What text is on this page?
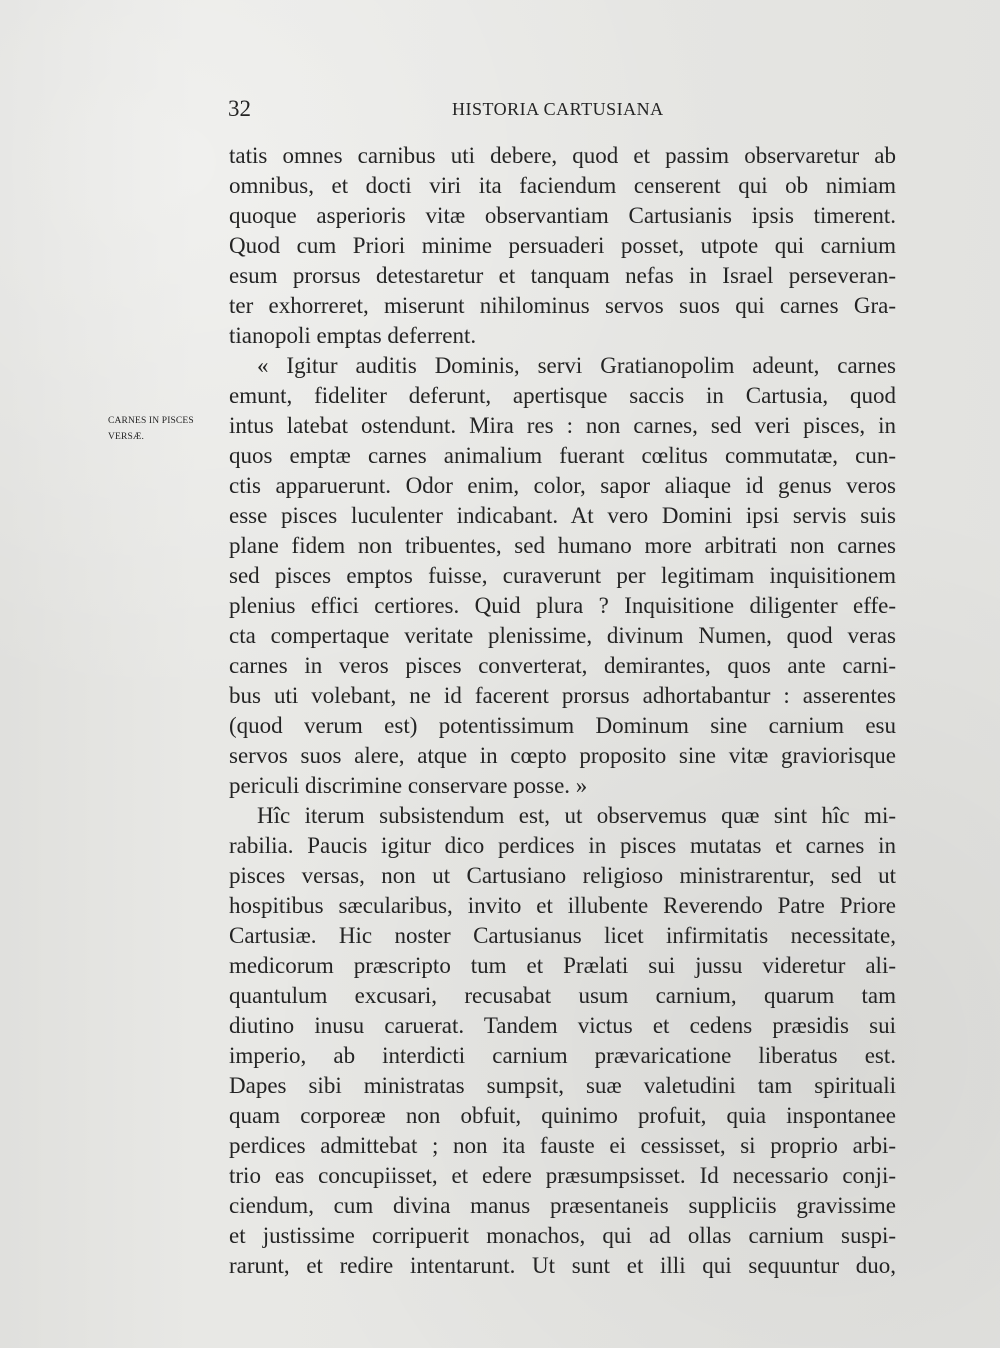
32	HISTORIA CARTUSIANA
CARNES IN PISCES
VERSÆ.
tatis omnes carnibus uti debere, quod et passim observaretur ab
omnibus, et docti viri ita faciendum censerent qui ob nimiam
quoque asperioris vitæ observantiam Cartusianis ipsis timerent.
Quod cum Priori minime persuaderi posset, utpote qui carnium
esum prorsus detestaretur et tanquam nefas in Israel perseveran-
ter exhorreret, miserunt nihilominus servos suos qui carnes Gra-
tianopoli emptas deferrent.
« Igitur auditis Dominis, servi Gratianopolim adeunt, carnes
emunt, fideliter deferunt, apertisque saccis in Cartusia, quod
intus latebat ostendunt. Mira res : non carnes, sed veri pisces, in
quos emptæ carnes animalium fuerant cœlitus commutatæ, cun-
ctis apparuerunt. Odor enim, color, sapor aliaque id genus veros
esse pisces luculenter indicabant. At vero Domini ipsi servis suis
plane fidem non tribuentes, sed humano more arbitrati non carnes
sed pisces emptos fuisse, curaverunt per legitimam inquisitionem
plenius effici certiores. Quid plura ? Inquisitione diligenter effe-
cta compertaque veritate plenissime, divinum Numen, quod veras
carnes in veros pisces converterat, demirantes, quos ante carni-
bus uti volebant, ne id facerent prorsus adhortabantur : asserentes
(quod verum est) potentissimum Dominum sine carnium esu
servos suos alere, atque in cœpto proposito sine vitæ graviorisque
periculi discrimine conservare posse. »
Hîc iterum subsistendum est, ut observemus quæ sint hîc mi-
rabilia. Paucis igitur dico perdices in pisces mutatas et carnes in
pisces versas, non ut Cartusiano religioso ministrarentur, sed ut
hospitibus sæcularibus, invito et illubente Reverendo Patre Priore
Cartusiæ. Hic noster Cartusianus licet infirmitatis necessitate,
medicorum præscripto tum et Prælati sui jussu videretur ali-
quantulum excusari, recusabat usum carnium, quarum tam
diutino inusu caruerat. Tandem victus et cedens præsidis sui
imperio, ab interdicti carnium prævaricatione liberatus est.
Dapes sibi ministratas sumpsit, suæ valetudini tam spirituali
quam corporeæ non obfuit, quinimo profuit, quia inspontanee
perdices admittebat ; non ita fauste ei cessisset, si proprio arbi-
trio eas concupiisset, et edere præsumpsisset. Id necessario conji-
ciendum, cum divina manus præsentaneis suppliciis gravissime
et justissime corripuerit monachos, qui ad ollas carnium suspi-
rarunt, et redire intentarunt. Ut sunt et illi qui sequuntur duo,
